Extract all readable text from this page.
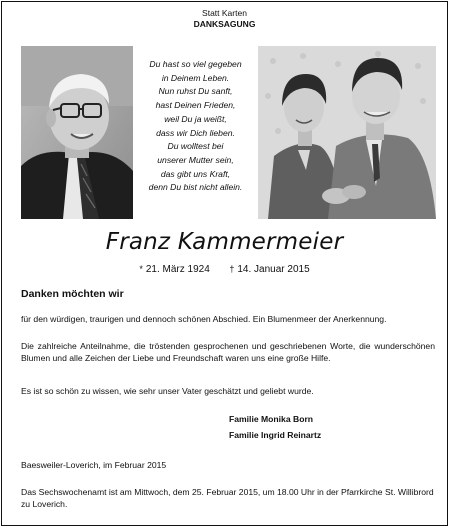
Statt Karten
DANKSAGUNG
Du hast so viel gegeben
in Deinem Leben.
Nun ruhst Du sanft,
hast Deinen Frieden,
weil Du ja weißt,
dass wir Dich lieben.
Du wolltest bei
unserer Mutter sein,
das gibt uns Kraft,
denn Du bist nicht allein.
Franz Kammermeier
* 21. März 1924 † 14. Januar 2015
Danken möchten wir
für den würdigen, traurigen und dennoch schönen Abschied. Ein Blumenmeer der Anerkennung.
Die zahlreiche Anteilnahme, die tröstenden gesprochenen und geschriebenen Worte, die wunderschönen Blumen und alle Zeichen der Liebe und Freundschaft waren uns eine große Hilfe.
Es ist so schön zu wissen, wie sehr unser Vater geschätzt und geliebt wurde.
Familie Monika Born
Familie Ingrid Reinartz
Baesweiler-Loverich, im Februar 2015
Das Sechswochenamt ist am Mittwoch, dem 25. Februar 2015, um 18.00 Uhr in der Pfarrkirche St. Willibrord zu Loverich.
